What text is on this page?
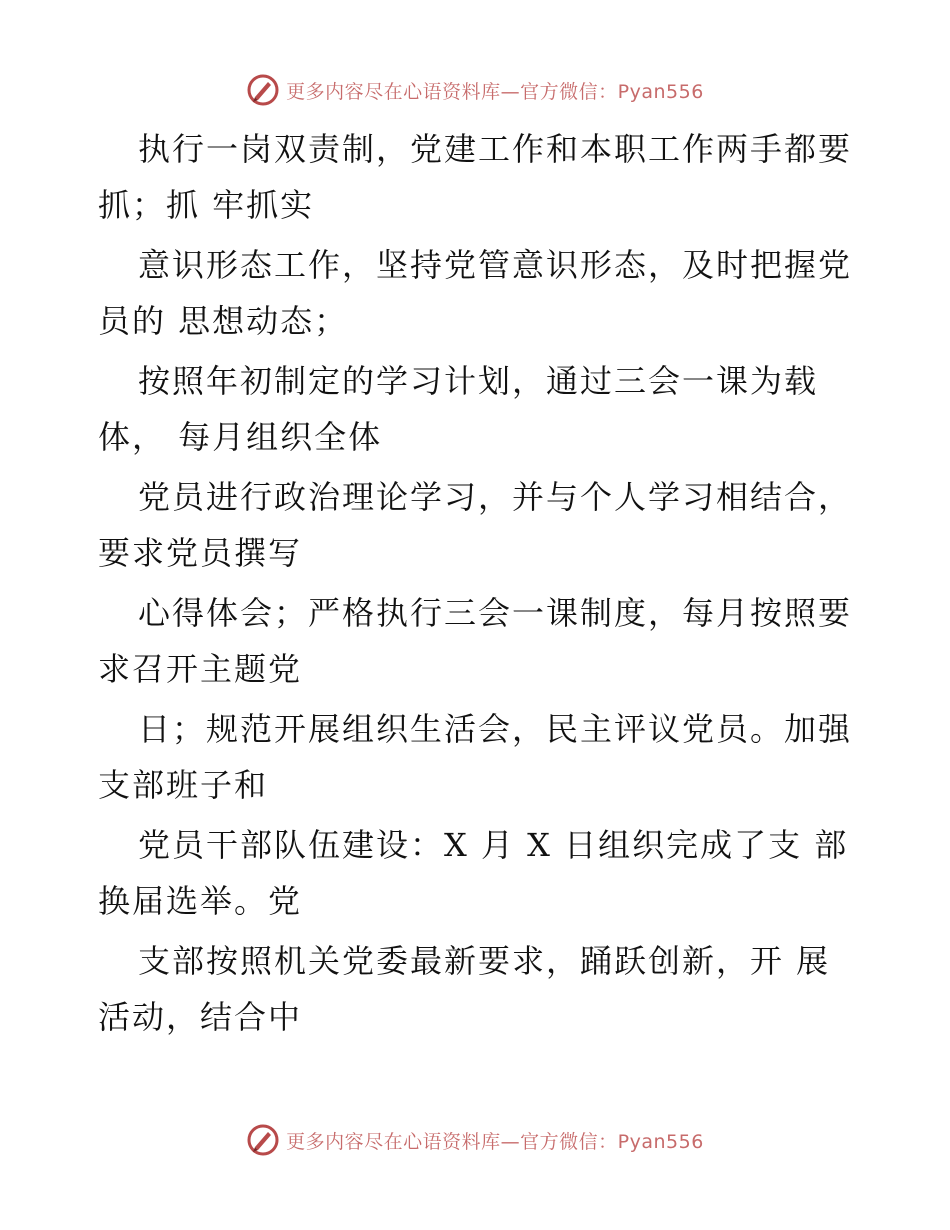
更多内容尽在心语资料库—官方微信：Pyan556
执行一岗双责制，党建工作和本职工作两手都要
抓；抓 牢抓实
意识形态工作，坚持党管意识形态，及时把握党
员的 思想动态；
按照年初制定的学习计划，通过三会一课为载
体， 每月组织全体
党员进行政治理论学习，并与个人学习相结合，
要求党员撰写
心得体会；严格执行三会一课制度，每月按照要
求召开主题党
日；规范开展组织生活会，民主评议党员。加强
支部班子和
党员干部队伍建设：X 月 X 日组织完成了支 部
换届选举。党
支部按照机关党委最新要求，踊跃创新，开 展
活动，结合中
更多内容尽在心语资料库—官方微信：Pyan556
